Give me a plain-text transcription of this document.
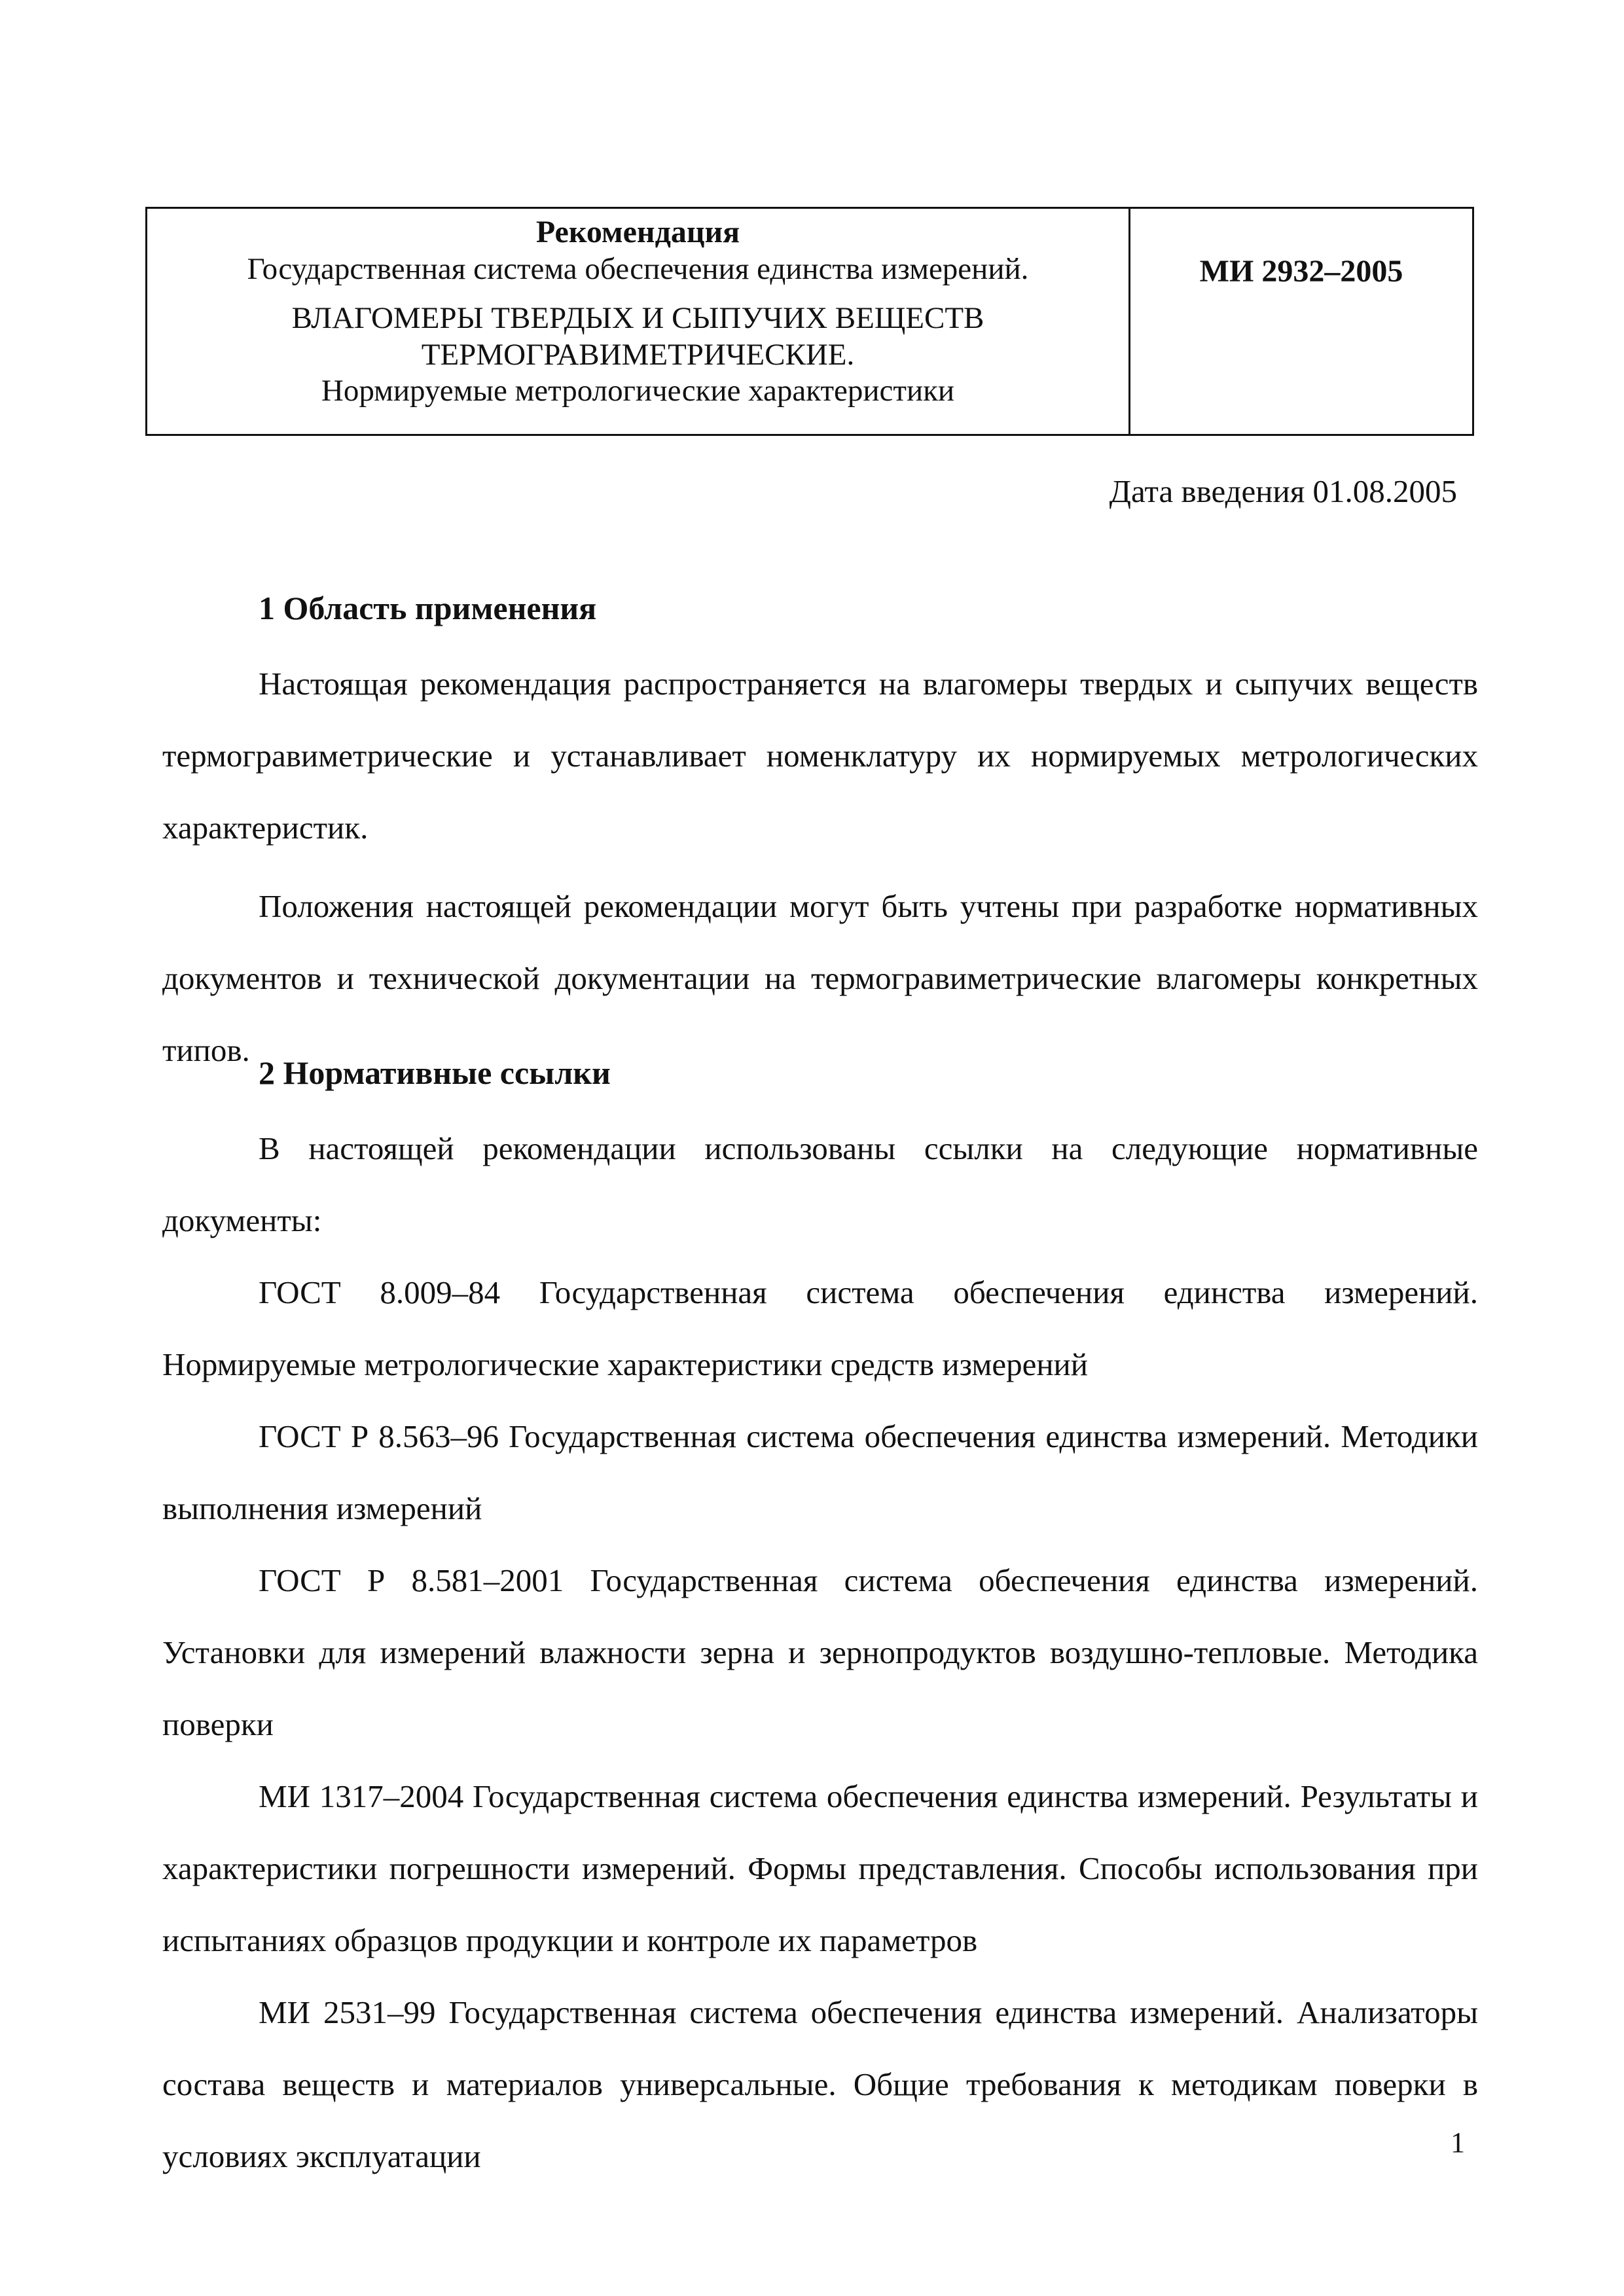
Рекомендация
Государственная система обеспечения единства измерений.
ВЛАГОМЕРЫ ТВЕРДЫХ И СЫПУЧИХ ВЕЩЕСТВ
ТЕРМОГРАВИМЕТРИЧЕСКИЕ.
Нормируемые метрологические характеристики
МИ 2932–2005
Дата введения 01.08.2005
1 Область применения

Настоящая рекомендация распространяется на влагомеры твердых и сыпучих веществ термогравиметрические и устанавливает номенклатуру их нормируемых метрологических характеристик.

Положения настоящей рекомендации могут быть учтены при разработке нормативных документов и технической документации на термогравиметрические влагомеры конкретных типов.

2 Нормативные ссылки

В настоящей рекомендации использованы ссылки на следующие нормативные документы:

ГОСТ 8.009–84 Государственная система обеспечения единства измерений. Нормируемые метрологические характеристики средств измерений

ГОСТ Р 8.563–96 Государственная система обеспечения единства измерений. Методики выполнения измерений

ГОСТ Р 8.581–2001 Государственная система обеспечения единства измерений. Установки для измерений влажности зерна и зернопродуктов воздушно-тепловые. Методика поверки

МИ 1317–2004 Государственная система обеспечения единства измерений. Результаты и характеристики погрешности измерений. Формы представления. Способы использования при испытаниях образцов продукции и контроле их параметров

МИ 2531–99 Государственная система обеспечения единства измерений. Анализаторы состава веществ и материалов универсальные. Общие требования к методикам поверки в условиях эксплуатации	1
